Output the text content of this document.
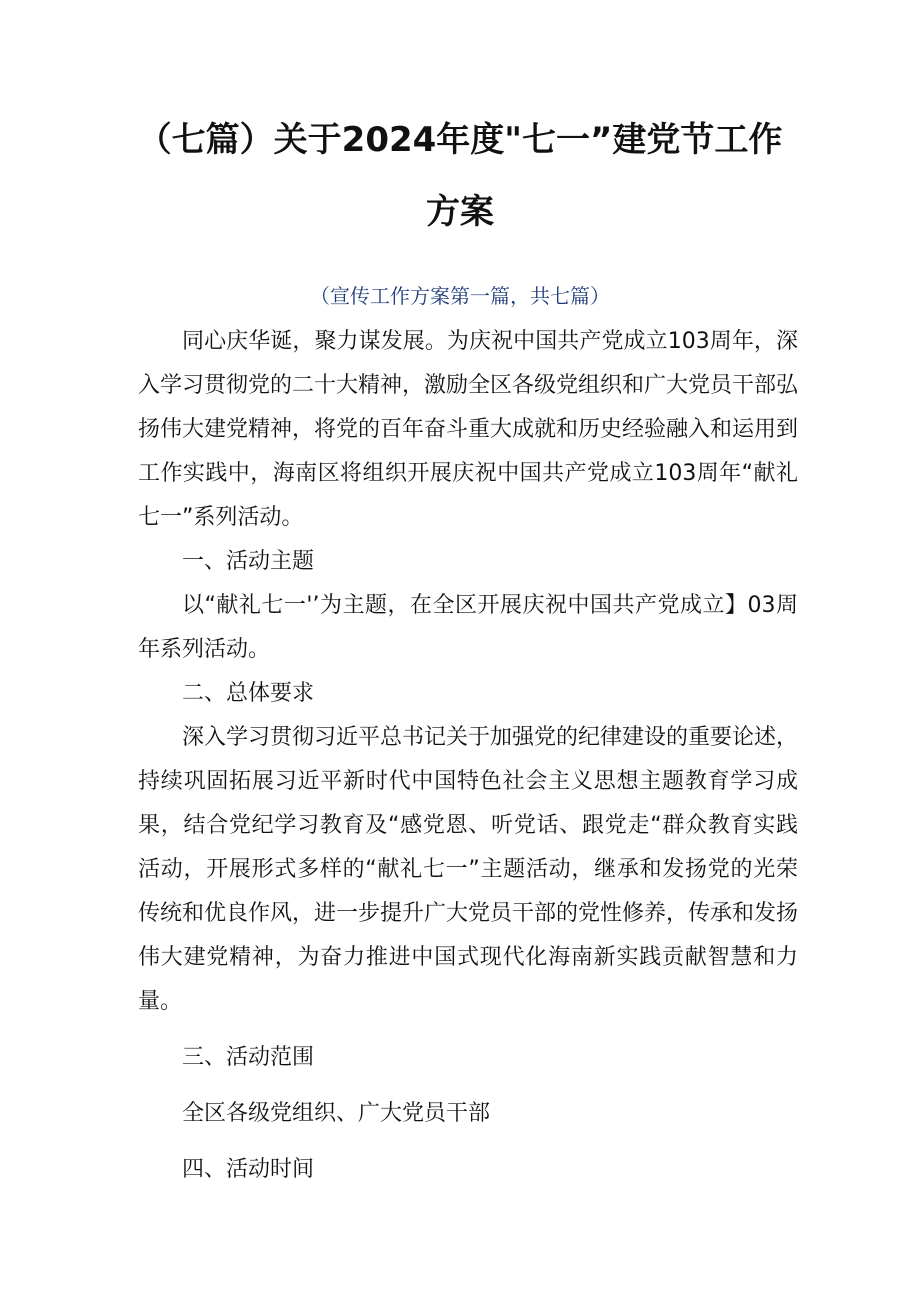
（七篇）关于2024年度"七一”建党节工作
方案
（宣传工作方案第一篇，共七篇）

同心庆华诞，聚力谋发展。为庆祝中国共产党成立103周年，深入学习贯彻党的二十大精神，激励全区各级党组织和广大党员干部弘扬伟大建党精神，将党的百年奋斗重大成就和历史经验融入和运用到工作实践中，海南区将组织开展庆祝中国共产党成立103周年“献礼七一”系列活动。

一、活动主题

以“献礼七一'’为主题，在全区开展庆祝中国共产党成立】03周年系列活动。

二、总体要求

深入学习贯彻习近平总书记关于加强党的纪律建设的重要论述，持续巩固拓展习近平新时代中国特色社会主义思想主题教育学习成果，结合党纪学习教育及“感党恩、听党话、跟党走“群众教育实践活动，开展形式多样的“献礼七一”主题活动，继承和发扬党的光荣传统和优良作风，进一步提升广大党员干部的党性修养，传承和发扬伟大建党精神，为奋力推进中国式现代化海南新实践贡献智慧和力量。

三、活动范围

全区各级党组织、广大党员干部

四、活动时间
